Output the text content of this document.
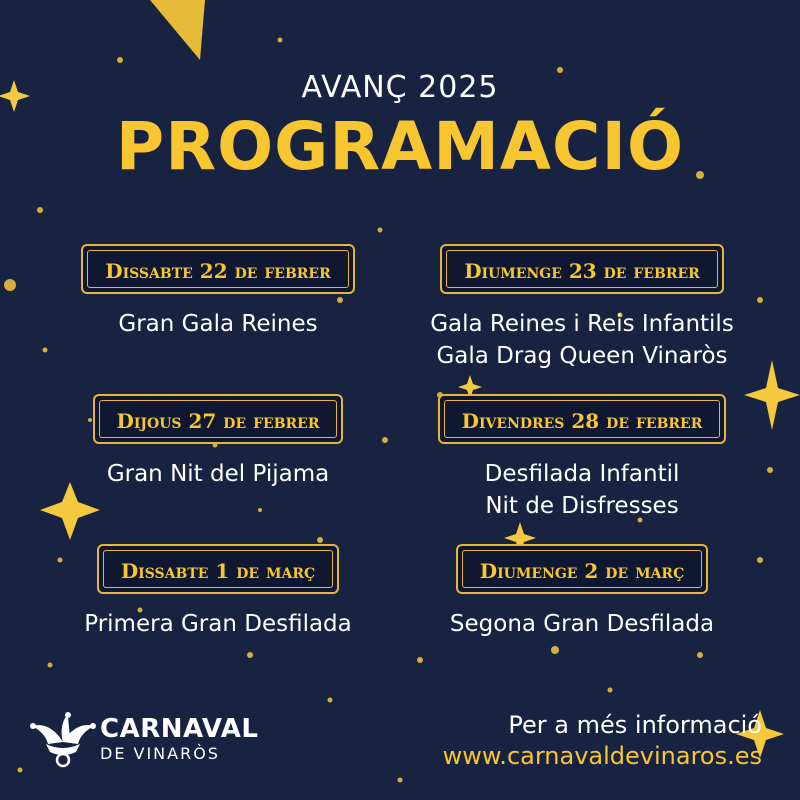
AVANÇ 2025
PROGRAMACIÓ
Dissabte 22 de febrer
Gran Gala Reines
Diumenge 23 de febrer
Gala Reines i Reis Infantils
Gala Drag Queen Vinaròs
Dijous 27 de febrer
Gran Nit del Pijama
Divendres 28 de febrer
Desfilada Infantil
Nit de Disfresses
Dissabte 1 de març
Primera Gran Desfilada
Diumenge 2 de març
Segona Gran Desfilada
CARNAVAL
DE VINARÒS
Per a més informació
www.carnavaldevinaros.es
